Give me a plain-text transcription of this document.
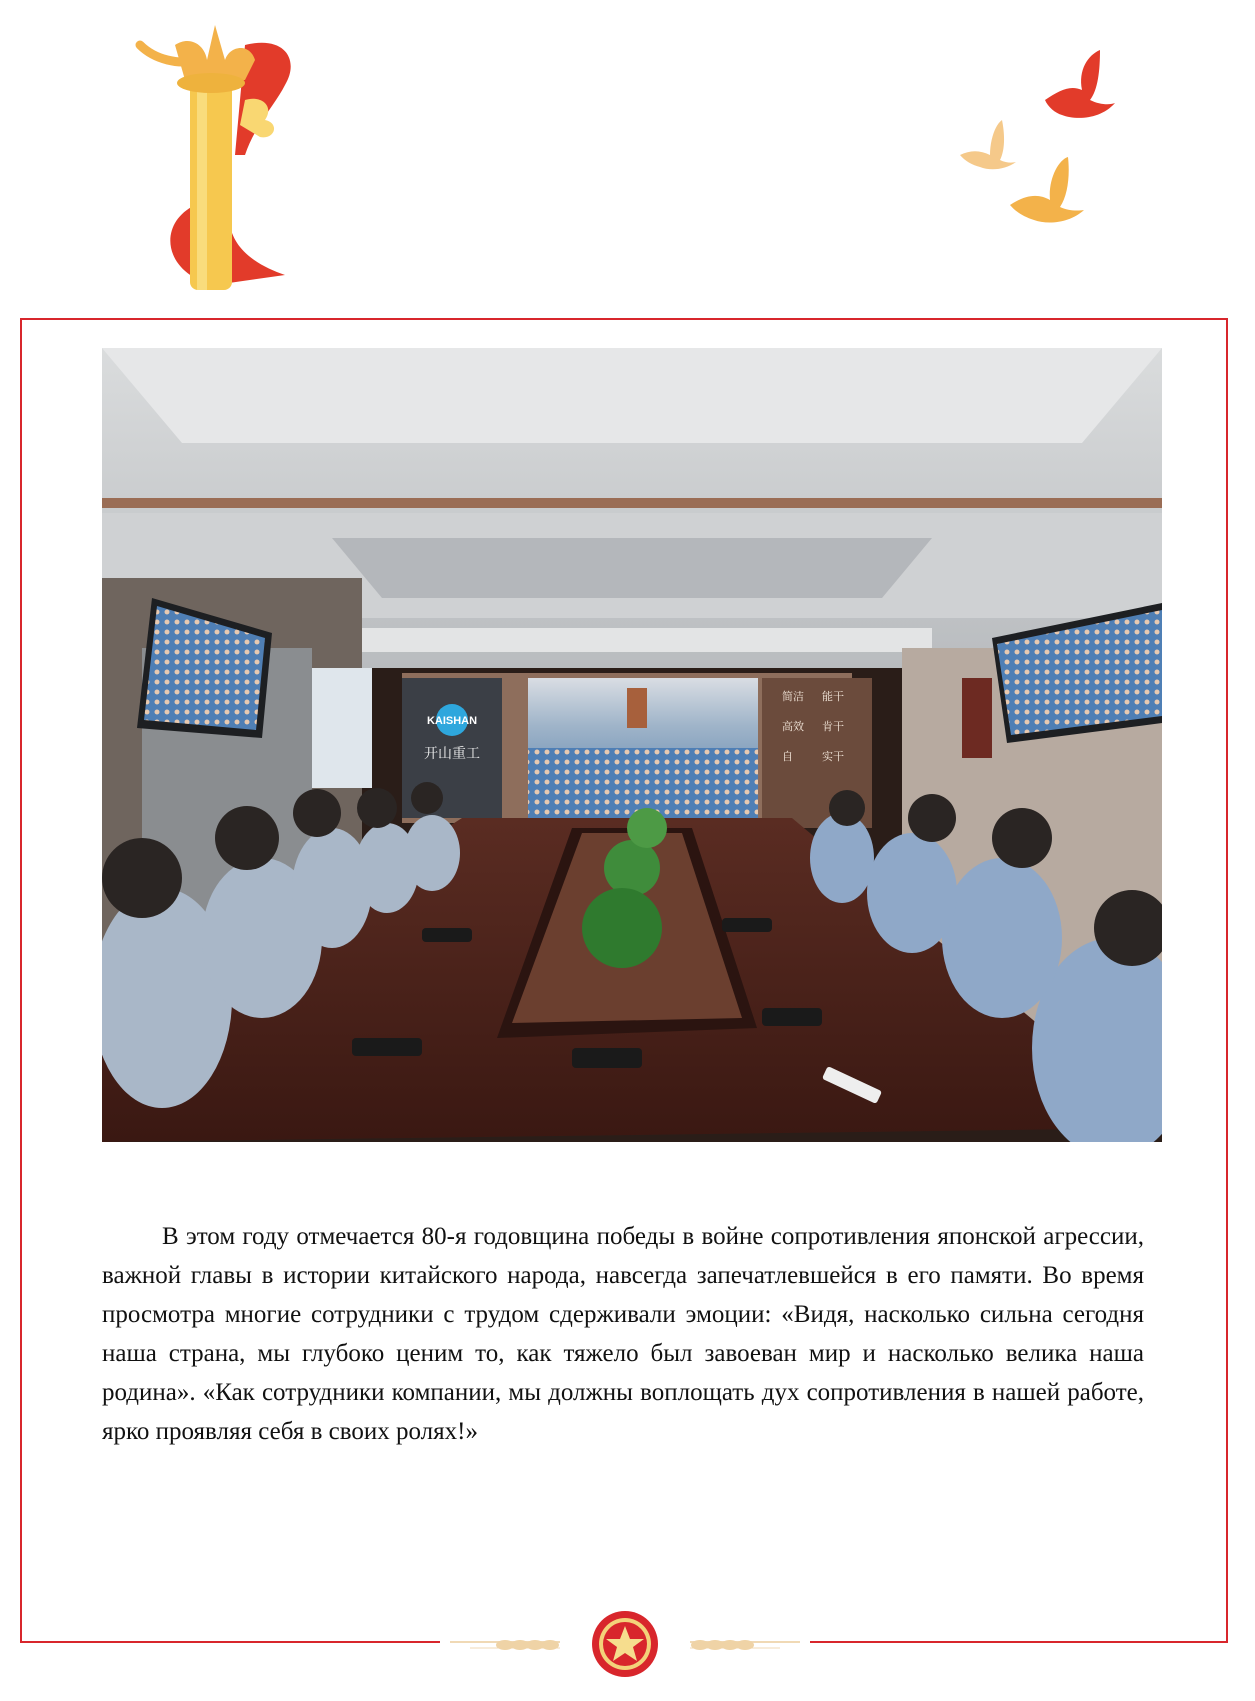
KAISHAN
开山重工
简洁
高效
自
能干
肯干
实干

В этом году отмечается 80-я годовщина победы в войне сопротивления японской агрессии, важной главы в истории китайского народа, навсегда запечатлевшейся в его памяти. Во время просмотра многие сотрудники с трудом сдерживали эмоции: «Видя, насколько сильна сегодня наша страна, мы глубоко ценим то, как тяжело был завоеван мир и насколько велика наша родина». «Как сотрудники компании, мы должны воплощать дух сопротивления в нашей работе, ярко проявляя себя в своих ролях!»
